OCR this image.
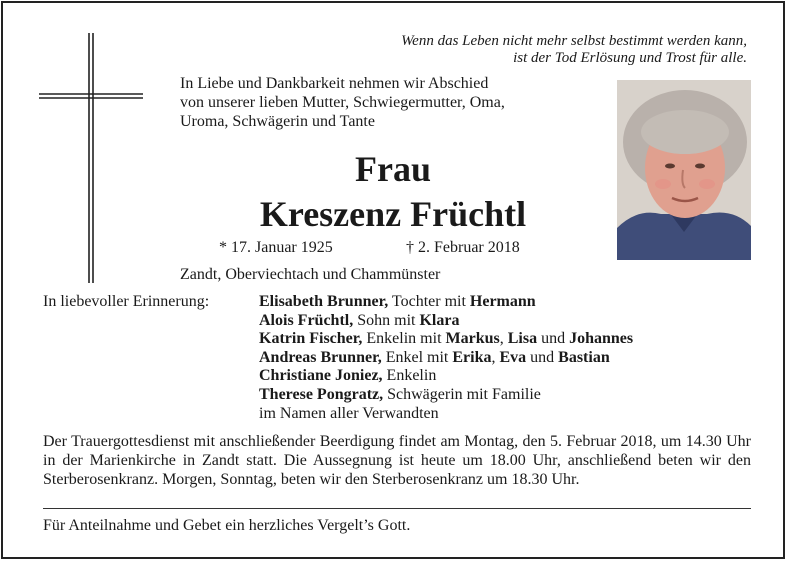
Wenn das Leben nicht mehr selbst bestimmt werden kann,
ist der Tod Erlösung und Trost für alle.
In Liebe und Dankbarkeit nehmen wir Abschied
von unserer lieben Mutter, Schwiegermutter, Oma,
Uroma, Schwägerin und Tante
Frau
Kreszenz Früchtl
* 17. Januar 1925	† 2. Februar 2018
Zandt, Oberviechtach und Chammünster
In liebevoller Erinnerung:	Elisabeth Brunner, Tochter mit Hermann
Alois Früchtl, Sohn mit Klara
Katrin Fischer, Enkelin mit Markus, Lisa und Johannes
Andreas Brunner, Enkel mit Erika, Eva und Bastian
Christiane Joniez, Enkelin
Therese Pongratz, Schwägerin mit Familie
im Namen aller Verwandten
Der Trauergottesdienst mit anschließender Beerdigung findet am Montag, den 5. Februar 2018, um 14.30 Uhr in der Marienkirche in Zandt statt. Die Aussegnung ist heute um 18.00 Uhr, anschließend beten wir den Sterberosenkranz. Morgen, Sonntag, beten wir den Sterberosenkranz um 18.30 Uhr.
Für Anteilnahme und Gebet ein herzliches Vergelt’s Gott.
